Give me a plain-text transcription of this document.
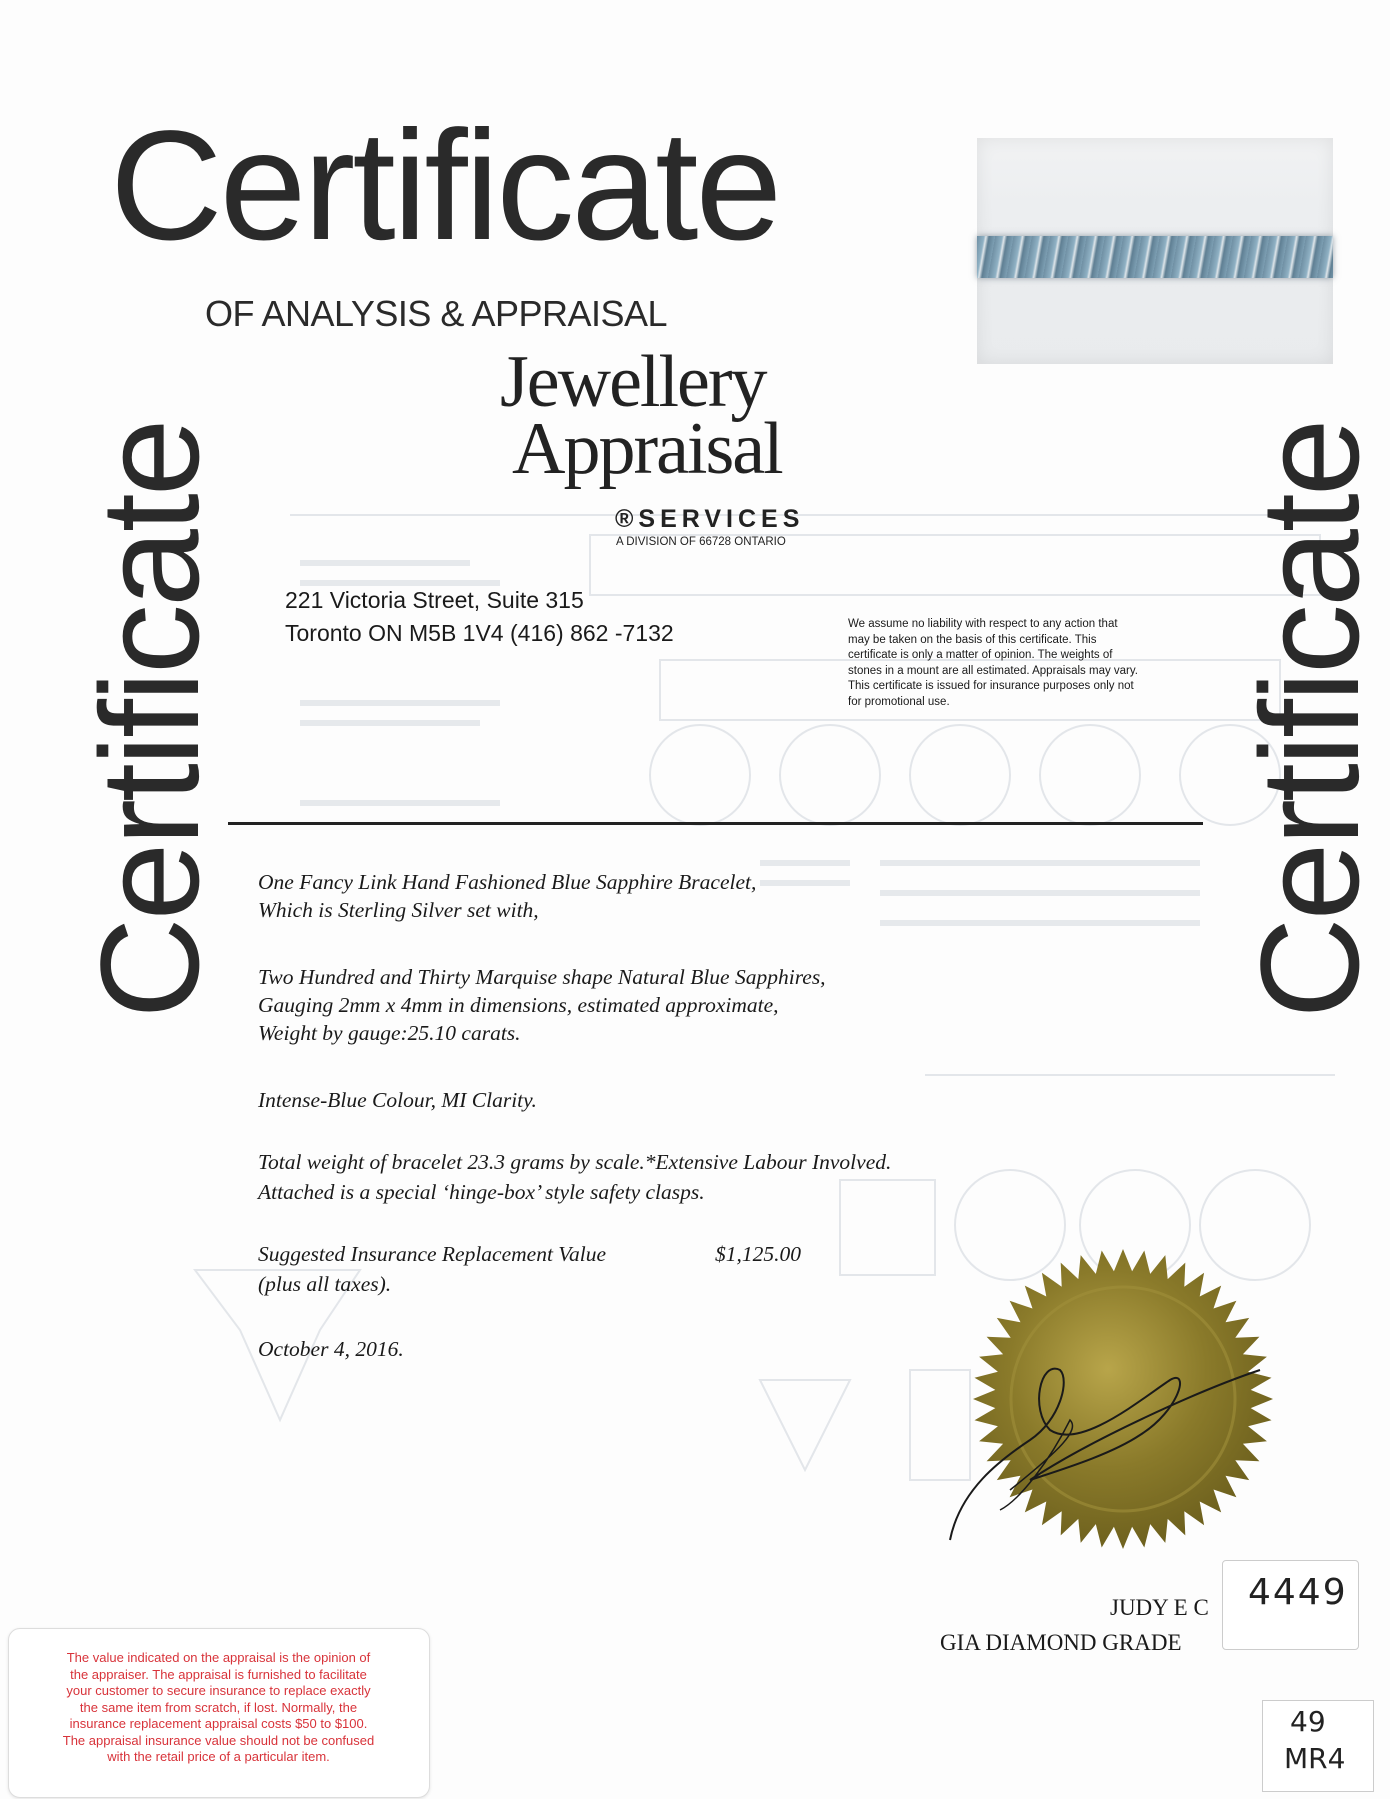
Certificate
OF ANALYSIS & APPRAISAL
Jewellery
Appraisal
®SERVICES
A DIVISION OF 66728 ONTARIO
221 Victoria Street, Suite 315
Toronto ON M5B 1V4 (416) 862 -7132	We assume no liability with respect to any action that may be taken on the basis of this certificate. This certificate is only a matter of opinion. The weights of stones in a mount are all estimated. Appraisals may vary. This certificate is issued for insurance purposes only not for promotional use.
Certificate	Certificate
One Fancy Link Hand Fashioned Blue Sapphire Bracelet,
Which is Sterling Silver set with,
Two Hundred and Thirty Marquise shape Natural Blue Sapphires,
Gauging 2mm x 4mm in dimensions, estimated approximate,
Weight by gauge:25.10 carats.
Intense-Blue Colour, MI Clarity.
Total weight of bracelet 23.3 grams by scale.*Extensive Labour Involved.
Attached is a special ‘hinge-box’ style safety clasps.
Suggested Insurance Replacement Value	$1,125.00
(plus all taxes).
October 4, 2016.
JUDY E C
GIA DIAMOND GRADE
4449
49
MR4
The value indicated on the appraisal is the opinion of
the appraiser. The appraisal is furnished to facilitate
your customer to secure insurance to replace exactly
the same item from scratch, if lost. Normally, the
insurance replacement appraisal costs $50 to $100.
The appraisal insurance value should not be confused
with the retail price of a particular item.
